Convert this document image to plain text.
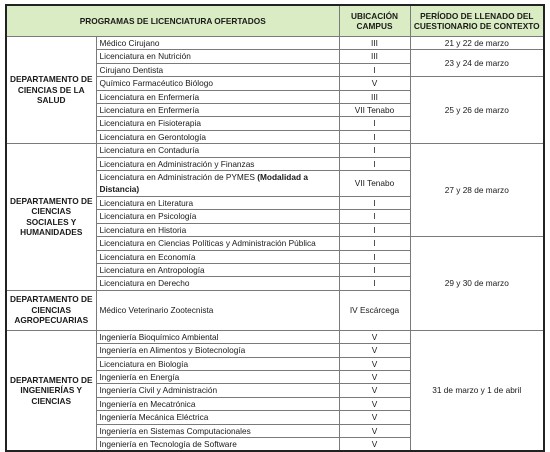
PROGRAMAS DE LICENCIATURA OFERTADOS		UBICACIÓN CAMPUS	PERÍODO DE LLENADO DEL CUESTIONARIO DE CONTEXTO
DEPARTAMENTO DE CIENCIAS DE LA SALUD	Médico Cirujano	III	21 y 22 de marzo
	Licenciatura en Nutrición	III	23 y 24 de marzo
	Cirujano Dentista	I	
	Químico Farmacéutico Biólogo	V	25 y 26 de marzo
	Licenciatura en Enfermería	III	
	Licenciatura en Enfermería	VII Tenabo	
	Licenciatura en Fisioterapia	I	
	Licenciatura en Gerontología	I	
DEPARTAMENTO DE CIENCIAS SOCIALES Y HUMANIDADES	Licenciatura en Contaduría	I	27 y 28 de marzo
	Licenciatura en Administración y Finanzas	I	
	Licenciatura en Administración de PYMES (Modalidad a Distancia)	VII Tenabo	
	Licenciatura en Literatura	I	
	Licenciatura en Psicología	I	
	Licenciatura en Historia	I	
	Licenciatura en Ciencias Políticas y Administración Pública	I	29 y 30 de marzo
	Licenciatura en Economía	I	
	Licenciatura en Antropología	I	
	Licenciatura en Derecho	I	
DEPARTAMENTO DE CIENCIAS AGROPECUARIAS	Médico Veterinario Zootecnista	IV Escárcega	
DEPARTAMENTO DE INGENIERÍAS Y CIENCIAS	Ingeniería Bioquímico Ambiental	V	31 de marzo y 1 de abril
	Ingeniería en Alimentos y Biotecnología	V	
	Licenciatura en Biología	V	
	Ingeniería en Energía	V	
	Ingeniería Civil y Administración	V	
	Ingeniería en Mecatrónica	V	
	Ingeniería Mecánica Eléctrica	V	
	Ingeniería en Sistemas Computacionales	V	
	Ingeniería en Tecnología de Software	V	
